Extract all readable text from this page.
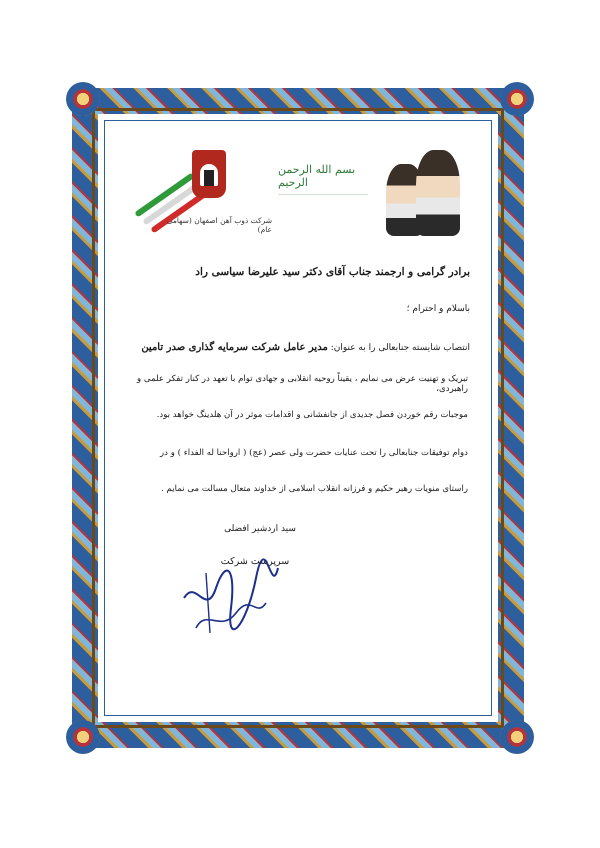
شرکت ذوب آهن اصفهان (سهامی عام)
بسم الله الرحمن الرحیم
برادر گرامی و ارجمند جناب آقای دکتر سید علیرضا سیاسی راد
باسلام و احترام ؛
انتصاب شایسته جنابعالی را به عنوان: مدیر عامل شرکت سرمایه گذاری صدر تامین
تبریک و تهنیت عرض می نمایم ، یقیناً روحیه انقلابی و جهادی توام با تعهد در کنار تفکر علمی و راهبردی،
موجبات رقم خوردن فصل جدیدی از جانفشانی و اقدامات موثر در آن هلدینگ خواهد بود.
دوام توفیقات جنابعالی را تحت عنایات حضرت ولی عصر (عج) ( ارواحنا له الفداء ) و در
راستای منویات رهبر حکیم و فرزانه انقلاب اسلامی از خداوند متعال مسالت می نمایم .
سید اردشیر افضلی
سرپرست شرکت
